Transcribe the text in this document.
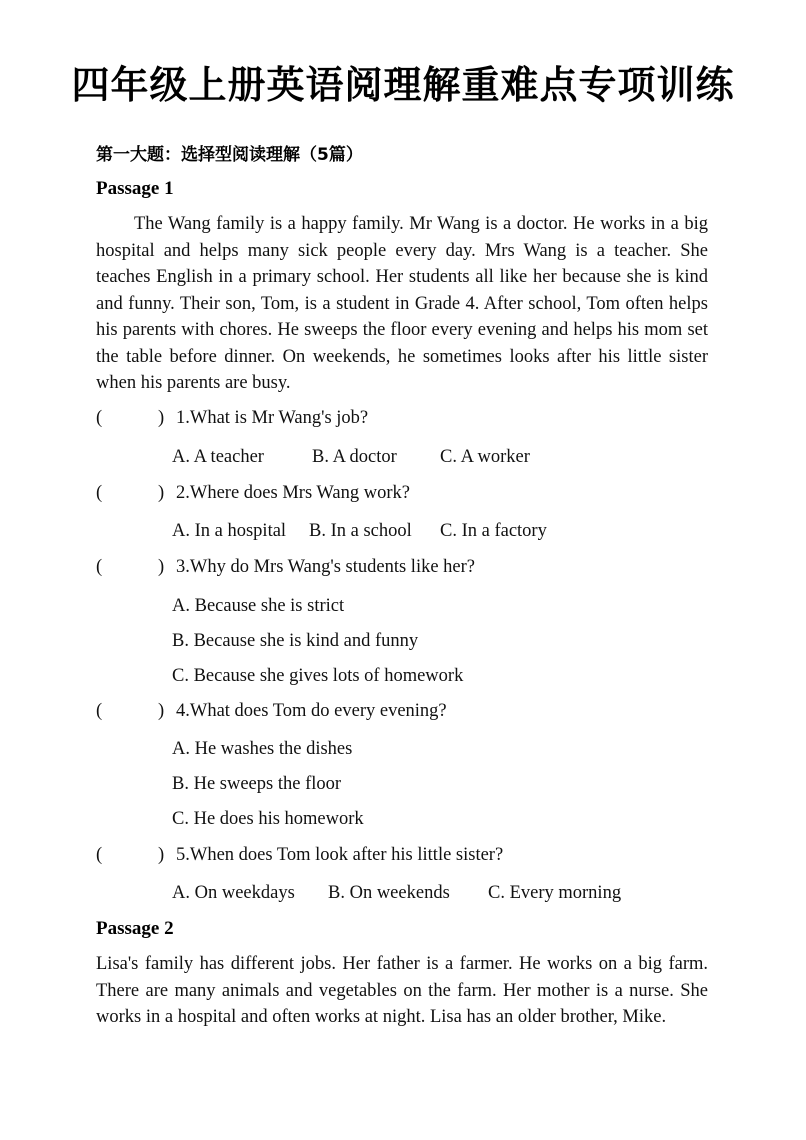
四年级上册英语阅理解重难点专项训练
第一大题：选择型阅读理解（5篇）
Passage 1

The Wang family is a happy family. Mr Wang is a doctor. He works in a big hospital and helps many sick people every day. Mrs Wang is a teacher. She teaches English in a primary school. Her students all like her because she is kind and funny. Their son, Tom, is a student in Grade 4. After school, Tom often helps his parents with chores. He sweeps the floor every evening and helps his mom set the table before dinner. On weekends, he sometimes looks after his little sister when his parents are busy.

(	) 1.What is Mr Wang's job?
A. A teacher	B. A doctor C. A worker
(	) 2.Where does Mrs Wang work?
A. In a hospital B. In a school C. In a factory
(	) 3.Why do Mrs Wang's students like her?
A. Because she is strict
B. Because she is kind and funny
C. Because she gives lots of homework
(	) 4.What does Tom do every evening?
A. He washes the dishes
B. He sweeps the floor
C. He does his homework
(	) 5.When does Tom look after his little sister?
A. On weekdays B. On weekends C. Every morning
Passage 2

Lisa's family has different jobs. Her father is a farmer. He works on a big farm. There are many animals and vegetables on the farm. Her mother is a nurse. She works in a hospital and often works at night. Lisa has an older brother, Mike.
